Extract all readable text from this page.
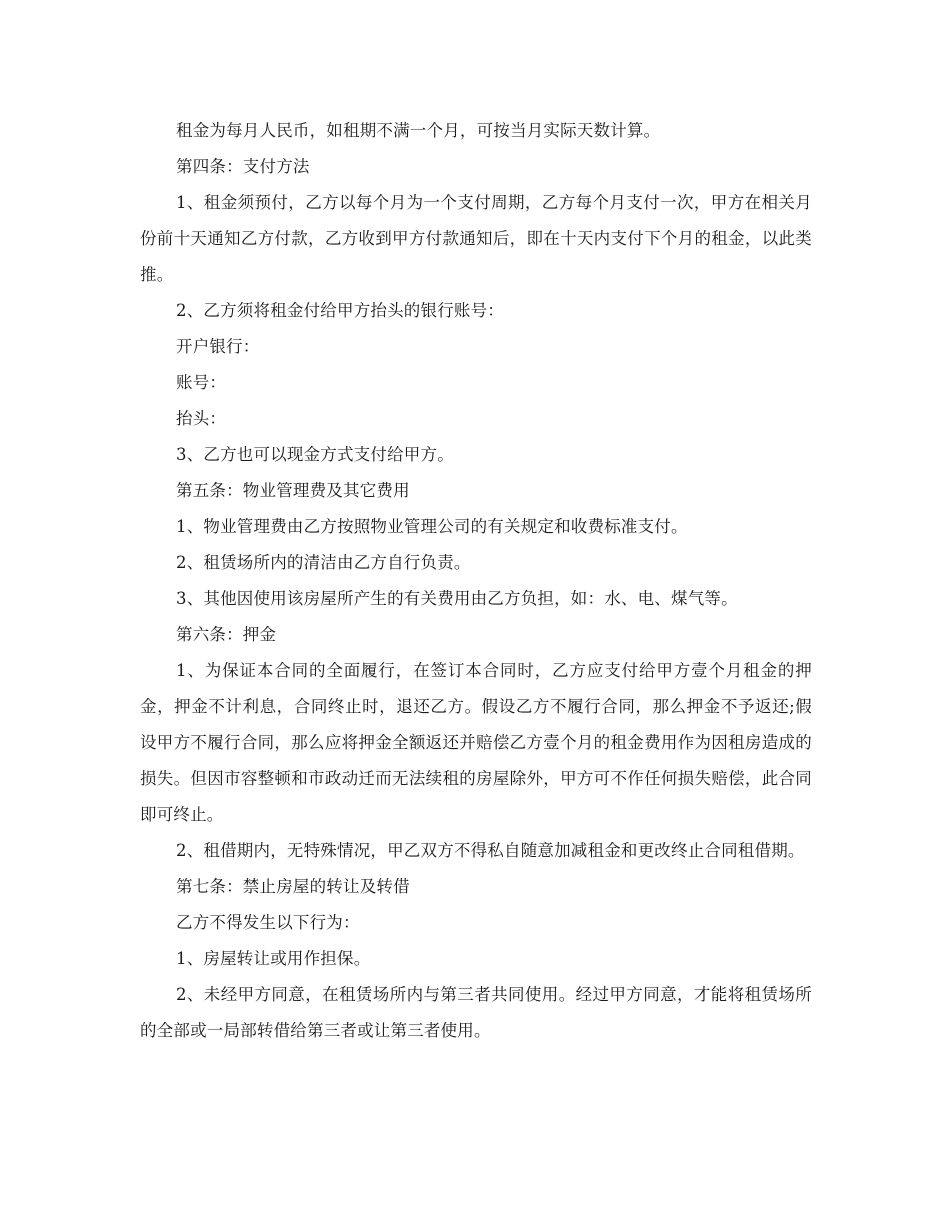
租金为每月人民币，如租期不满一个月，可按当月实际天数计算。

第四条：支付方法

1、租金须预付，乙方以每个月为一个支付周期，乙方每个月支付一次，甲方在相关月份前十天通知乙方付款，乙方收到甲方付款通知后，即在十天内支付下个月的租金，以此类推。

2、乙方须将租金付给甲方抬头的银行账号：

开户银行：

账号：

抬头：

3、乙方也可以现金方式支付给甲方。

第五条：物业管理费及其它费用

1、物业管理费由乙方按照物业管理公司的有关规定和收费标准支付。

2、租赁场所内的清洁由乙方自行负责。

3、其他因使用该房屋所产生的有关费用由乙方负担，如：水、电、煤气等。

第六条：押金

1、为保证本合同的全面履行，在签订本合同时，乙方应支付给甲方壹个月租金的押金，押金不计利息，合同终止时，退还乙方。假设乙方不履行合同，那么押金不予返还;假设甲方不履行合同，那么应将押金全额返还并赔偿乙方壹个月的租金费用作为因租房造成的损失。但因市容整顿和市政动迁而无法续租的房屋除外，甲方可不作任何损失赔偿，此合同即可终止。

2、租借期内，无特殊情况，甲乙双方不得私自随意加减租金和更改终止合同租借期。

第七条：禁止房屋的转让及转借

乙方不得发生以下行为：

1、房屋转让或用作担保。

2、未经甲方同意，在租赁场所内与第三者共同使用。经过甲方同意，才能将租赁场所的全部或一局部转借给第三者或让第三者使用。
